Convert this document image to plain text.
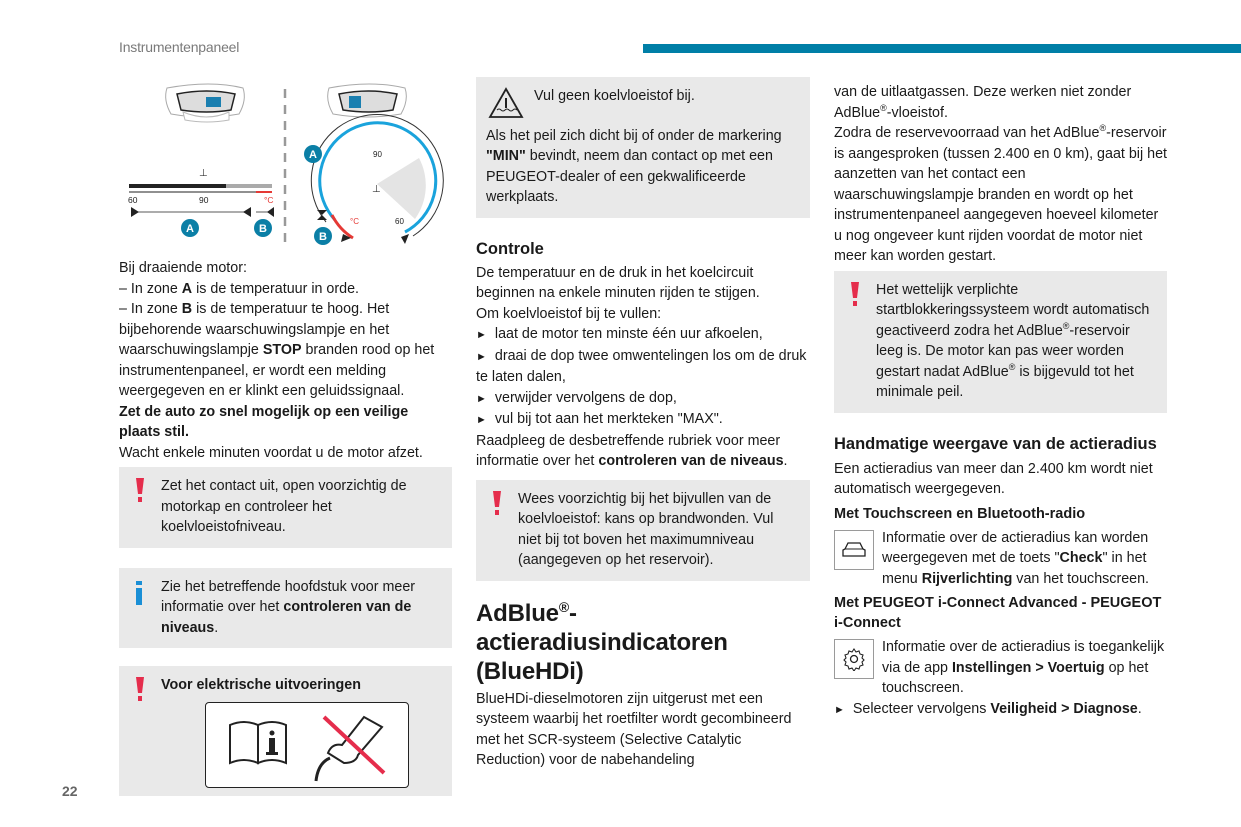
Instrumentenpaneel
⊥
60	90	°C
A	B
90
60
°C
⊥
A
B

Bij draaiende motor:

– In zone A is de temperatuur in orde.

– In zone B is de temperatuur te hoog. Het bijbehorende waarschuwingslampje en het waarschuwingslampje STOP branden rood op het instrumentenpaneel, er wordt een melding weergegeven en er klinkt een geluidssignaal.

Zet de auto zo snel mogelijk op een veilige plaats stil.

Wacht enkele minuten voordat u de motor afzet.

Zet het contact uit, open voorzichtig de motorkap en controleer het koelvloeistofniveau.

Zie het betreffende hoofdstuk voor meer informatie over het controleren van de niveaus.

Voor elektrische uitvoeringen

Vul geen koelvloeistof bij.

Als het peil zich dicht bij of onder de markering "MIN" bevindt, neem dan contact op met een PEUGEOT-dealer of een gekwalificeerde werkplaats.

Controle

De temperatuur en de druk in het koelcircuit beginnen na enkele minuten rijden te stijgen.

Om koelvloeistof bij te vullen:

► laat de motor ten minste één uur afkoelen,

► draai de dop twee omwentelingen los om de druk te laten dalen,

► verwijder vervolgens de dop,

► vul bij tot aan het merkteken "MAX".

Raadpleeg de desbetreffende rubriek voor meer informatie over het controleren van de niveaus.

Wees voorzichtig bij het bijvullen van de koelvloeistof: kans op brandwonden. Vul niet bij tot boven het maximumniveau (aangegeven op het reservoir).

AdBlue®-actieradiusindicatoren (BlueHDi)

BlueHDi-dieselmotoren zijn uitgerust met een systeem waarbij het roetfilter wordt gecombineerd met het SCR-systeem (Selective Catalytic Reduction) voor de nabehandeling

van de uitlaatgassen. Deze werken niet zonder AdBlue®-vloeistof.

Zodra de reservevoorraad van het AdBlue®-reservoir is aangesproken (tussen 2.400 en 0 km), gaat bij het aanzetten van het contact een waarschuwingslampje branden en wordt op het instrumentenpaneel aangegeven hoeveel kilometer u nog ongeveer kunt rijden voordat de motor niet meer kan worden gestart.

Het wettelijk verplichte startblokkeringssysteem wordt automatisch geactiveerd zodra het AdBlue®-reservoir leeg is. De motor kan pas weer worden gestart nadat AdBlue® is bijgevuld tot het minimale peil.

Handmatige weergave van de actieradius

Een actieradius van meer dan 2.400 km wordt niet automatisch weergegeven.

Met Touchscreen en Bluetooth-radio

Informatie over de actieradius kan worden weergegeven met de toets "Check" in het menu Rijverlichting van het touchscreen.

Met PEUGEOT i-Connect Advanced - PEUGEOT i-Connect

Informatie over de actieradius is toegankelijk via de app Instellingen > Voertuig op het touchscreen.

► Selecteer vervolgens Veiligheid > Diagnose.

22
